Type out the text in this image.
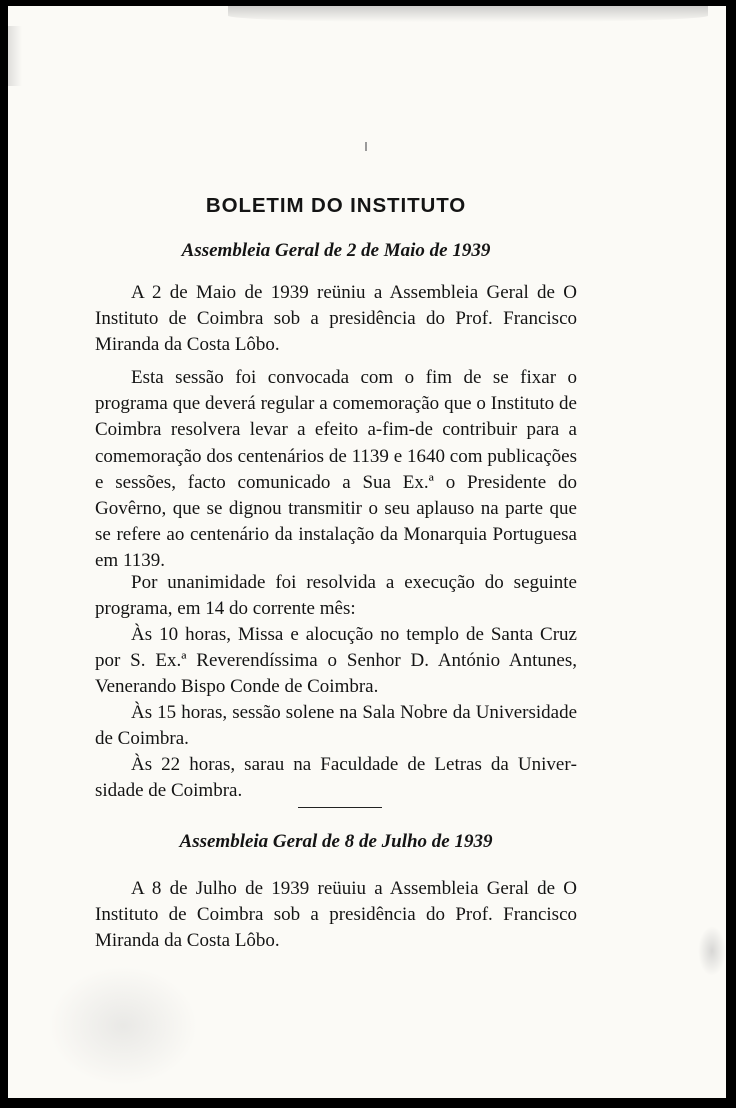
BOLETIM DO INSTITUTO
Assembleia Geral de 2 de Maio de 1939

A 2 de Maio de 1939 reüniu a Assembleia Geral de O Instituto de Coimbra sob a presidência do Prof. Francisco Miranda da Costa Lôbo.

Esta sessão foi convocada com o fim de se fixar o programa que deverá regular a comemoração que o Instituto de Coimbra resolvera levar a efeito a-fim-de contribuir para a comemoração dos centenários de 1139 e 1640 com publicações e sessões, facto comunicado a Sua Ex.ª o Presidente do Govêrno, que se dignou transmitir o seu aplauso na parte que se refere ao centenário da instalação da Monarquia Portuguesa em 1139.

Por unanimidade foi resolvida a execução do seguinte programa, em 14 do corrente mês:

Às 10 horas, Missa e alocução no templo de Santa Cruz por S. Ex.ª Reverendíssima o Senhor D. António Antunes, Venerando Bispo Conde de Coimbra.

Às 15 horas, sessão solene na Sala Nobre da Universidade de Coimbra.

Às 22 horas, sarau na Faculdade de Letras da Universidade de Coimbra.

Assembleia Geral de 8 de Julho de 1939

A 8 de Julho de 1939 reüuiu a Assembleia Geral de O Instituto de Coimbra sob a presidência do Prof. Francisco Miranda da Costa Lôbo.
